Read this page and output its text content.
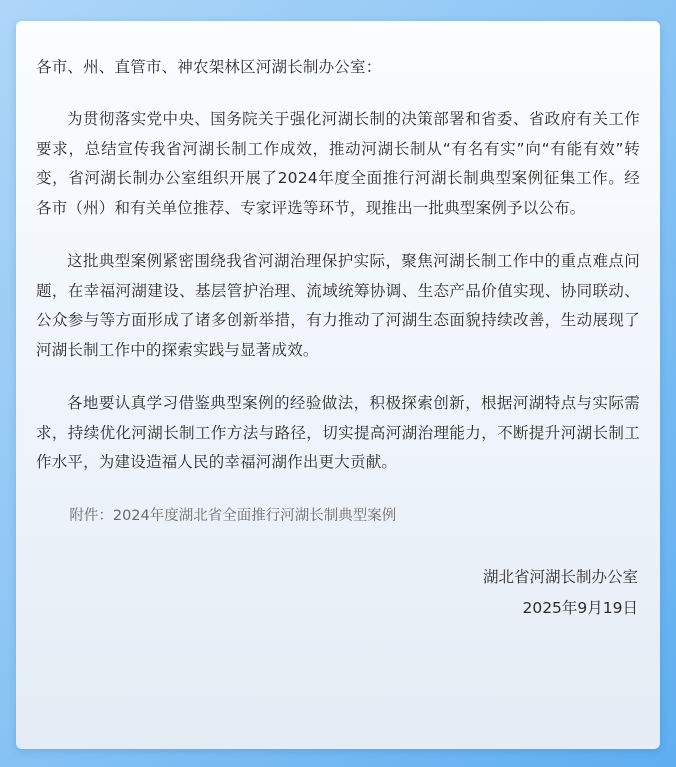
各市、州、直管市、神农架林区河湖长制办公室：

为贯彻落实党中央、国务院关于强化河湖长制的决策部署和省委、省政府有关工作要求，总结宣传我省河湖长制工作成效，推动河湖长制从“有名有实”向“有能有效”转变，省河湖长制办公室组织开展了2024年度全面推行河湖长制典型案例征集工作。经各市（州）和有关单位推荐、专家评选等环节，现推出一批典型案例予以公布。

这批典型案例紧密围绕我省河湖治理保护实际，聚焦河湖长制工作中的重点难点问题，在幸福河湖建设、基层管护治理、流域统筹协调、生态产品价值实现、协同联动、公众参与等方面形成了诸多创新举措，有力推动了河湖生态面貌持续改善，生动展现了河湖长制工作中的探索实践与显著成效。

各地要认真学习借鉴典型案例的经验做法，积极探索创新，根据河湖特点与实际需求，持续优化河湖长制工作方法与路径，切实提高河湖治理能力，不断提升河湖长制工作水平，为建设造福人民的幸福河湖作出更大贡献。

附件：2024年度湖北省全面推行河湖长制典型案例
湖北省河湖长制办公室
2025年9月19日
